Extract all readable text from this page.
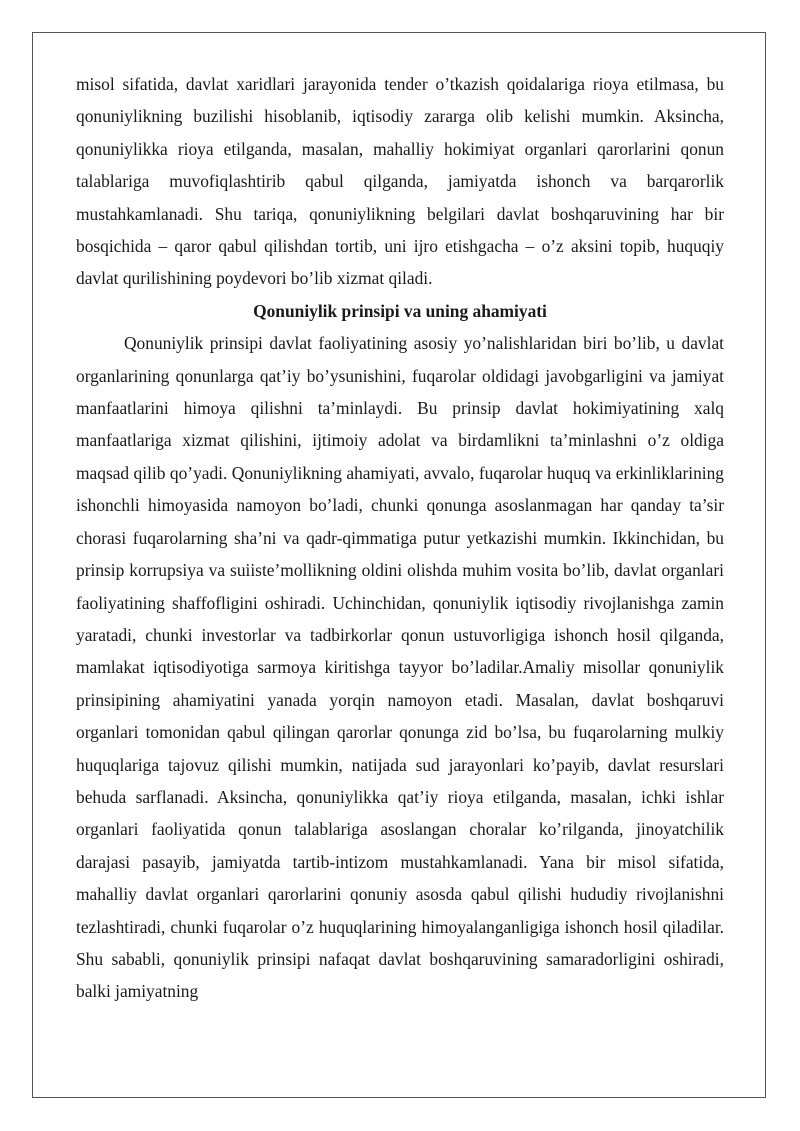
misol sifatida, davlat xaridlari jarayonida tender o’tkazish qoidalariga rioya etilmasa, bu qonuniylikning buzilishi hisoblanib, iqtisodiy zararga olib kelishi mumkin. Aksincha, qonuniylikka rioya etilganda, masalan, mahalliy hokimiyat organlari qarorlarini qonun talablariga muvofiqlashtirib qabul qilganda, jamiyatda ishonch va barqarorlik mustahkamlanadi. Shu tariqa, qonuniylikning belgilari davlat boshqaruvining har bir bosqichida – qaror qabul qilishdan tortib, uni ijro etishgacha – o’z aksini topib, huquqiy davlat qurilishining poydevori bo’lib xizmat qiladi.

Qonuniylik prinsipi va uning ahamiyati

Qonuniylik prinsipi davlat faoliyatining asosiy yo’nalishlaridan biri bo’lib, u davlat organlarining qonunlarga qat’iy bo’ysunishini, fuqarolar oldidagi javobgarligini va jamiyat manfaatlarini himoya qilishni ta’minlaydi. Bu prinsip davlat hokimiyatining xalq manfaatlariga xizmat qilishini, ijtimoiy adolat va birdamlikni ta’minlashni o’z oldiga maqsad qilib qo’yadi. Qonuniylikning ahamiyati, avvalo, fuqarolar huquq va erkinliklarining ishonchli himoyasida namoyon bo’ladi, chunki qonunga asoslanmagan har qanday ta’sir chorasi fuqarolarning sha’ni va qadr-qimmatiga putur yetkazishi mumkin. Ikkinchidan, bu prinsip korrupsiya va suiiste’mollikning oldini olishda muhim vosita bo’lib, davlat organlari faoliyatining shaffofligini oshiradi. Uchinchidan, qonuniylik iqtisodiy rivojlanishga zamin yaratadi, chunki investorlar va tadbirkorlar qonun ustuvorligiga ishonch hosil qilganda, mamlakat iqtisodiyotiga sarmoya kiritishga tayyor bo’ladilar.Amaliy misollar qonuniylik prinsipining ahamiyatini yanada yorqin namoyon etadi. Masalan, davlat boshqaruvi organlari tomonidan qabul qilingan qarorlar qonunga zid bo’lsa, bu fuqarolarning mulkiy huquqlariga tajovuz qilishi mumkin, natijada sud jarayonlari ko’payib, davlat resurslari behuda sarflanadi. Aksincha, qonuniylikka qat’iy rioya etilganda, masalan, ichki ishlar organlari faoliyatida qonun talablariga asoslangan choralar ko’rilganda, jinoyatchilik darajasi pasayib, jamiyatda tartib-intizom mustahkamlanadi. Yana bir misol sifatida, mahalliy davlat organlari qarorlarini qonuniy asosda qabul qilishi hududiy rivojlanishni tezlashtiradi, chunki fuqarolar o’z huquqlarining himoyalanganligiga ishonch hosil qiladilar. Shu sababli, qonuniylik prinsipi nafaqat davlat boshqaruvining samaradorligini oshiradi, balki jamiyatning
